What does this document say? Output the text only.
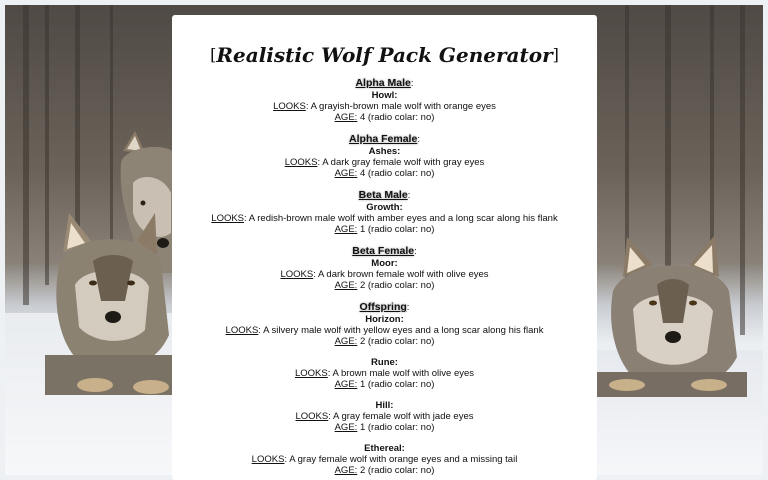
[Realistic Wolf Pack Generator]
Alpha Male:
Howl:
LOOKS: A grayish-brown male wolf with orange eyes
AGE: 4 (radio colar: no)
Alpha Female:
Ashes:
LOOKS: A dark gray female wolf with gray eyes
AGE: 4 (radio colar: no)
Beta Male:
Growth:
LOOKS: A redish-brown male wolf with amber eyes and a long scar along his flank
AGE: 1 (radio colar: no)
Beta Female:
Moor:
LOOKS: A dark brown female wolf with olive eyes
AGE: 2 (radio colar: no)
Offspring:
Horizon:
LOOKS: A silvery male wolf with yellow eyes and a long scar along his flank
AGE: 2 (radio colar: no)
Rune:
LOOKS: A brown male wolf with olive eyes
AGE: 1 (radio colar: no)
Hill:
LOOKS: A gray female wolf with jade eyes
AGE: 1 (radio colar: no)
Ethereal:
LOOKS: A gray female wolf with orange eyes and a missing tail
AGE: 2 (radio colar: no)
